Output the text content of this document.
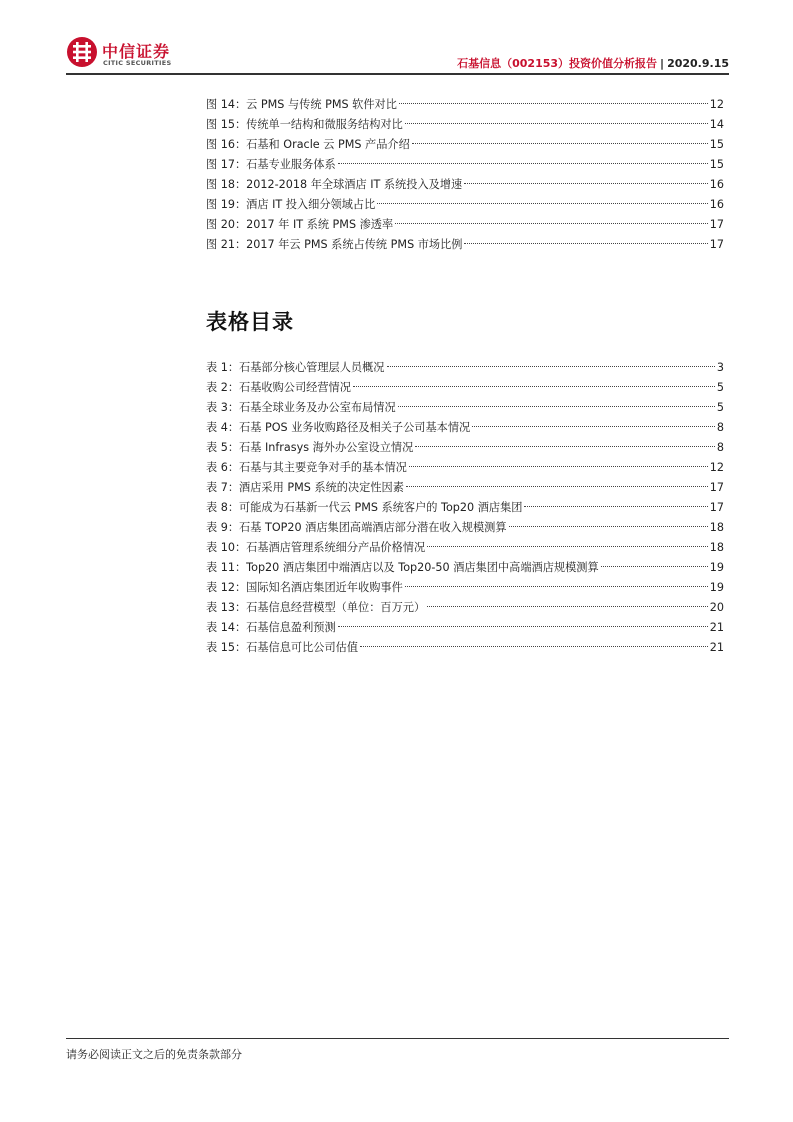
中信证券
CITIC SECURITIES	石基信息（002153）投资价值分析报告 | 2020.9.15
图 14：云 PMS 与传统 PMS 软件对比	12
图 15：传统单一结构和微服务结构对比	14
图 16：石基和 Oracle 云 PMS 产品介绍	15
图 17：石基专业服务体系	15
图 18：2012-2018 年全球酒店 IT 系统投入及增速	16
图 19：酒店 IT 投入细分领域占比	16
图 20：2017 年 IT 系统 PMS 渗透率	17
图 21：2017 年云 PMS 系统占传统 PMS 市场比例	17
表格目录
表 1：石基部分核心管理层人员概况	3
表 2：石基收购公司经营情况	5
表 3：石基全球业务及办公室布局情况	5
表 4：石基 POS 业务收购路径及相关子公司基本情况	8
表 5：石基 Infrasys 海外办公室设立情况	8
表 6：石基与其主要竞争对手的基本情况	12
表 7：酒店采用 PMS 系统的决定性因素	17
表 8：可能成为石基新一代云 PMS 系统客户的 Top20 酒店集团	17
表 9：石基 TOP20 酒店集团高端酒店部分潜在收入规模测算	18
表 10：石基酒店管理系统细分产品价格情况	18
表 11：Top20 酒店集团中端酒店以及 Top20-50 酒店集团中高端酒店规模测算	19
表 12：国际知名酒店集团近年收购事件	19
表 13：石基信息经营模型（单位：百万元）	20
表 14：石基信息盈利预测	21
表 15：石基信息可比公司估值	21
请务必阅读正文之后的免责条款部分
